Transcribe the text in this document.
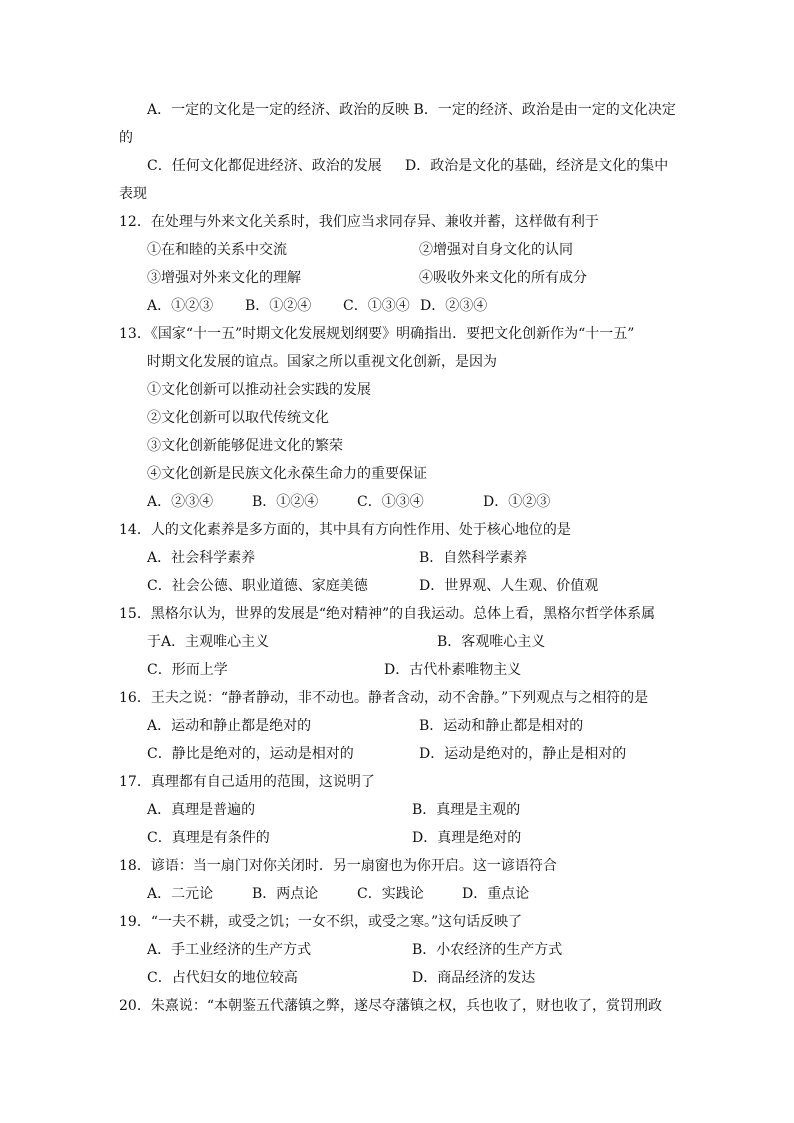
A．一定的文化是一定的经济、政治的反映 B．一定的经济、政治是由一定的文化决定
的
C．任何文化都促进经济、政治的发展 D．政治是文化的基础，经济是文化的集中
表现
12．在处理与外来文化关系时，我们应当求同存异、兼收并蓄，这样做有利于
①在和睦的关系中交流	②增强对自身文化的认同
③增强对外来文化的理解	④吸收外来文化的所有成分
A．①②③ B．①②④ C．①③④ D．②③④
13．《国家“十一五”时期文化发展规划纲要》明确指出．要把文化创新作为“十一五”
时期文化发展的谊点。国家之所以重视文化创新，是因为
①文化创新可以推动社会实践的发展
②文化创新可以取代传统文化
③文化创新能够促进文化的繁荣
④文化创新是民族文化永葆生命力的重要保证
A．②③④	B．①②④	C．①③④	D．①②③
14．人的文化素养是多方面的，其中具有方向性作用、处于核心地位的是
A．社会科学素养	B．自然科学素养
C．社会公德、职业道德、家庭美德	D．世界观、人生观、价值观
15．黑格尔认为，世界的发展是“绝对精神”的自我运动。总体上看，黑格尔哲学体系属
于A．主观唯心主义	B．客观唯心主义
C．形而上学	D．古代朴素唯物主义
16．王夫之说：“静者静动，非不动也。静者含动，动不舍静。”下列观点与之相符的是
A．运动和静止都是绝对的	B．运动和静止都是相对的
C．静比是绝对的，运动是相对的	D．运动是绝对的，静止是相对的
17．真理都有自己适用的范围，这说明了
A．真理是普遍的	B．真理是主观的
C．真理是有条件的	D．真理是绝对的
18．谚语：当一扇门对你关闭时．另一扇窗也为你开启。这一谚语符合
A．二元论	B．两点论	C．实践论	D．重点论
19．“一夫不耕，或受之饥；一女不织，或受之寒。”这句话反映了
A．手工业经济的生产方式	B．小农经济的生产方式
C．占代妇女的地位较高	D．商品经济的发达
20．朱熹说：“本朝鉴五代藩镇之弊，遂尽夺藩镇之权，兵也收了，财也收了，赏罚刑政
